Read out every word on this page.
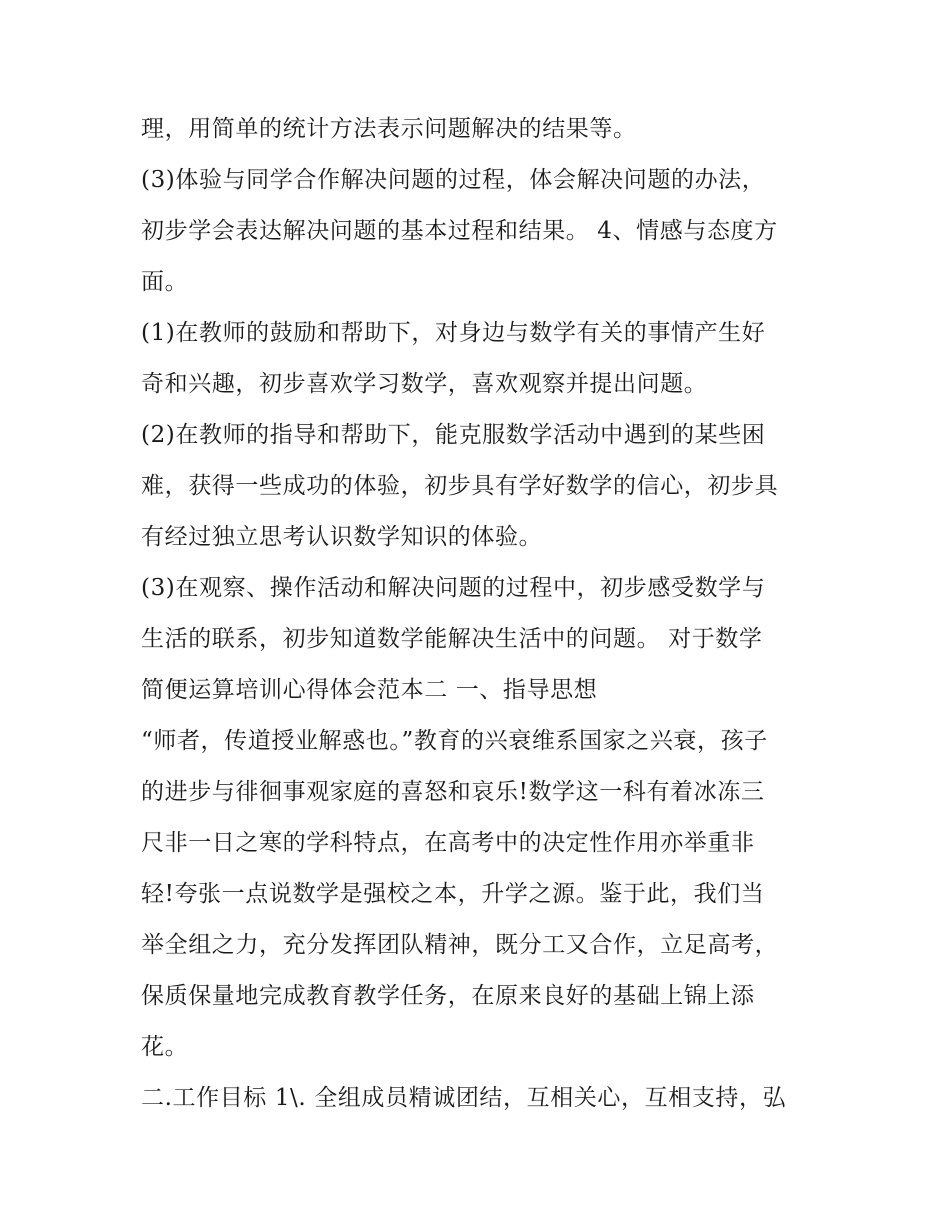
理，用简单的统计方法表示问题解决的结果等。
(3)体验与同学合作解决问题的过程，体会解决问题的办法，
初步学会表达解决问题的基本过程和结果。 4、情感与态度方
面。
(1)在教师的鼓励和帮助下，对身边与数学有关的事情产生好
奇和兴趣，初步喜欢学习数学，喜欢观察并提出问题。
(2)在教师的指导和帮助下，能克服数学活动中遇到的某些困
难，获得一些成功的体验，初步具有学好数学的信心，初步具
有经过独立思考认识数学知识的体验。
(3)在观察、操作活动和解决问题的过程中，初步感受数学与
生活的联系，初步知道数学能解决生活中的问题。 对于数学
简便运算培训心得体会范本二 一、指导思想
“师者，传道授业解惑也。”教育的兴衰维系国家之兴衰，孩子
的进步与徘徊事观家庭的喜怒和哀乐!数学这一科有着冰冻三
尺非一日之寒的学科特点，在高考中的决定性作用亦举重非
轻!夸张一点说数学是强校之本，升学之源。鉴于此，我们当
举全组之力，充分发挥团队精神，既分工又合作，立足高考，
保质保量地完成教育教学任务，在原来良好的基础上锦上添
花。
二.工作目标 1\. 全组成员精诚团结，互相关心，互相支持，弘
